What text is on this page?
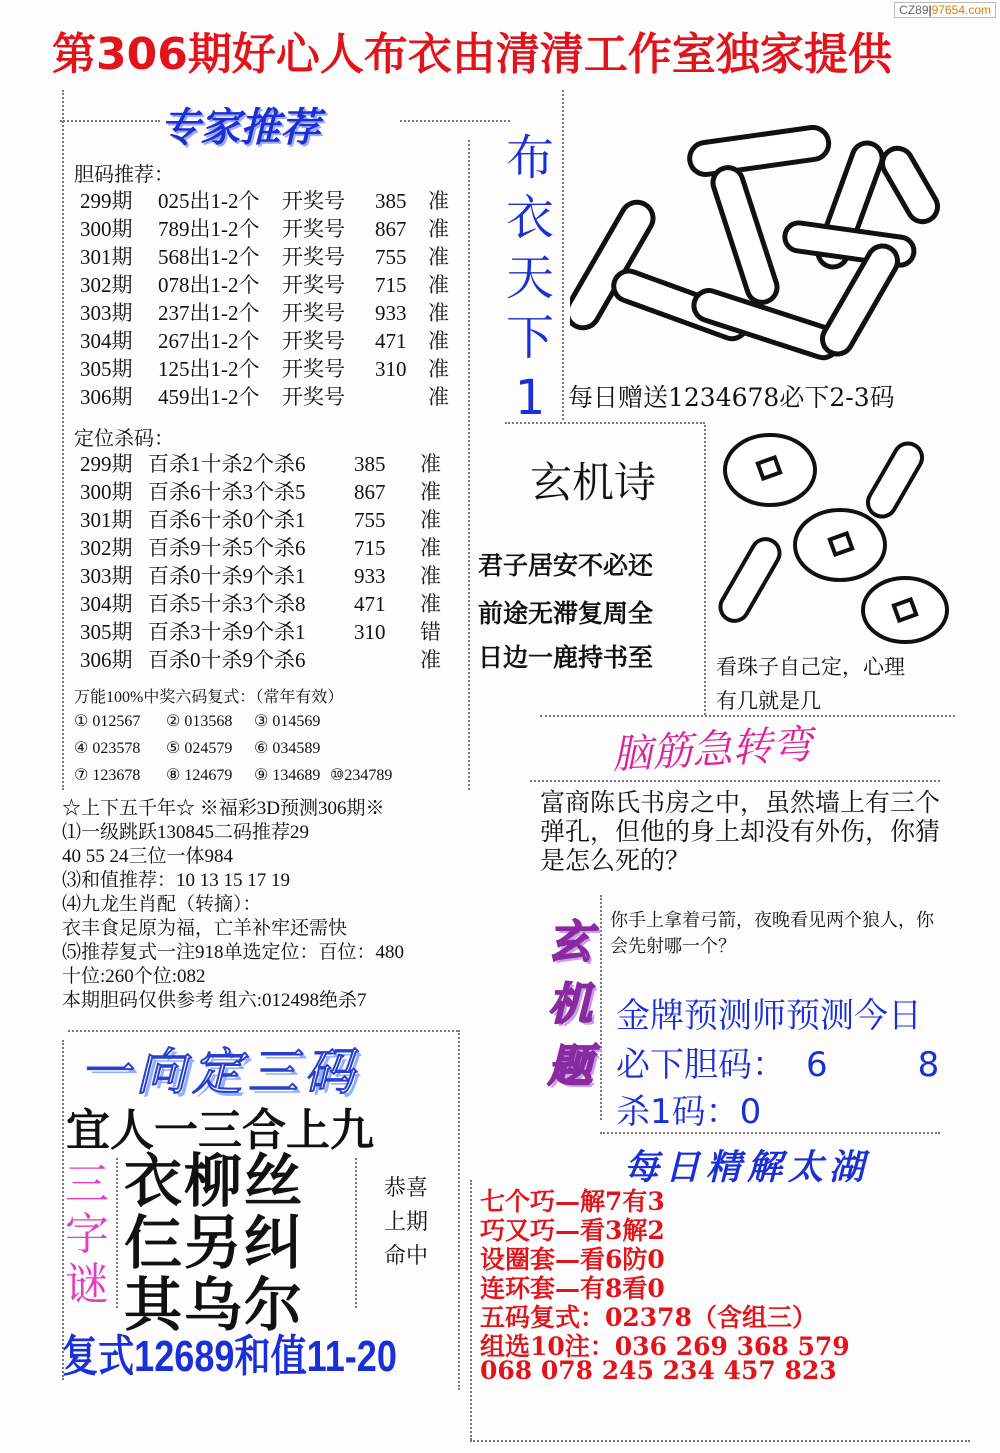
CZ89|97654.com
第306期好心人布衣由清清工作室独家提供
专家推荐
胆码推荐：
299期 025出1-2个 开奖号 385 准
300期 789出1-2个 开奖号 867 准
301期 568出1-2个 开奖号 755 准
302期 078出1-2个 开奖号 715 准
303期 237出1-2个 开奖号 933 准
304期 267出1-2个 开奖号 471 准
305期 125出1-2个 开奖号 310 准
306期 459出1-2个 开奖号	准
定位杀码：
299期 百杀1十杀2个杀6 385 准
300期 百杀6十杀3个杀5 867 准
301期 百杀6十杀0个杀1 755 准
302期 百杀9十杀5个杀6 715 准
303期 百杀0十杀9个杀1 933 准
304期 百杀5十杀3个杀8 471 准
305期 百杀3十杀9个杀1 310 错
306期 百杀0十杀9个杀6	准
万能100%中奖六码复式：（常年有效）
① 012567 ② 013568 ③ 014569
④ 023578 ⑤ 024579 ⑥ 034589
⑦ 123678 ⑧ 124679 ⑨ 134689 ⑩234789
☆上下五千年☆ ※福彩3D预测306期※
⑴一级跳跃130845二码推荐29
40 55 24三位一体984
⑶和值推荐：10 13 15 17 19
⑷九龙生肖配（转摘）：
衣丰食足原为福，亡羊补牢还需快
⑸推荐复式一注918单选定位：百位：480
十位:260个位:082
本期胆码仅供参考 组六:012498绝杀7
布
衣
天
下
1 每日赠送1234678必下2-3码
玄机诗
君子居安不必还
前途无滞复周全
日边一鹿持书至	看珠子自己定，心理
有几就是几
脑筋急转弯
富商陈氏书房之中，虽然墙上有三个弹孔，但他的身上却没有外伤，你猜是怎么死的？
玄
机
题
你手上拿着弓箭，夜晚看见两个狼人，你会先射哪一个？
金牌预测师预测今日
必下胆码： 6	8
杀1码：0
每日精解太湖
七个巧—解7有3
巧又巧—看3解2
设圈套—看6防0
连环套—有8看0
五码复式：02378（含组三）
组选10注：036 269 368 579
068 078 245 234 457 823
一向定三码
宜人一三合上九
三
字
谜
衣柳丝
仨另纠
其乌尔
恭喜
上期
命中
复式12689和值11-20
